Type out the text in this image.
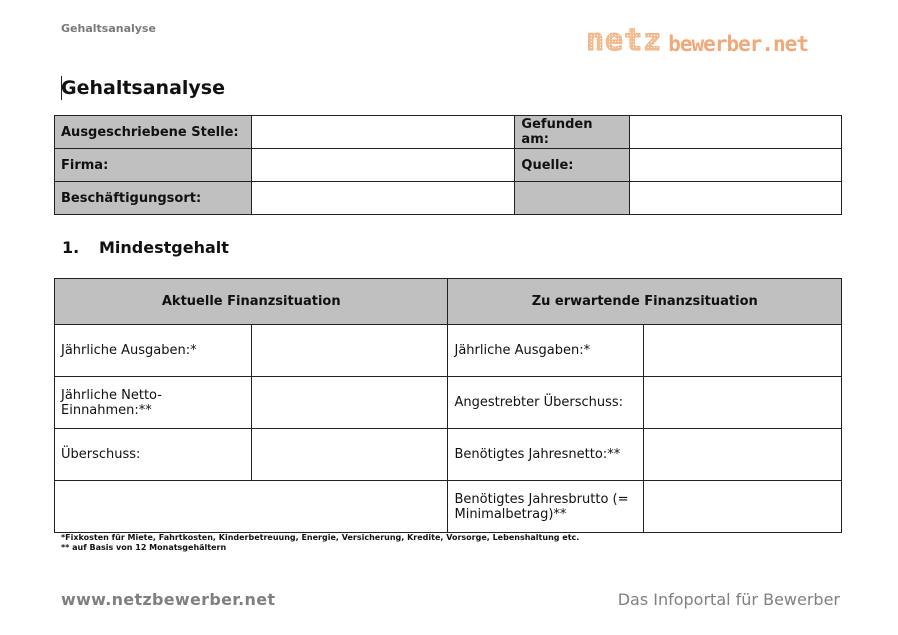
Gehaltsanalyse	netz bewerber.net
Gehaltsanalyse
Ausgeschriebene Stelle:		Gefunden am:	
Firma:		Quelle:	
Beschäftigungsort:			
1. Mindestgehalt
Aktuelle Finanzsituation		Zu erwartende Finanzsituation	
Jährliche Ausgaben:*		Jährliche Ausgaben:*	
Jährliche Netto-Einnahmen:**		Angestrebter Überschuss:	
Überschuss:		Benötigtes Jahresnetto:**	
		Benötigtes Jahresbrutto (= Minimalbetrag)**	
*Fixkosten für Miete, Fahrtkosten, Kinderbetreuung, Energie, Versicherung, Kredite, Vorsorge, Lebenshaltung etc.
** auf Basis von 12 Monatsgehältern
www.netzbewerber.net	Das Infoportal für Bewerber
